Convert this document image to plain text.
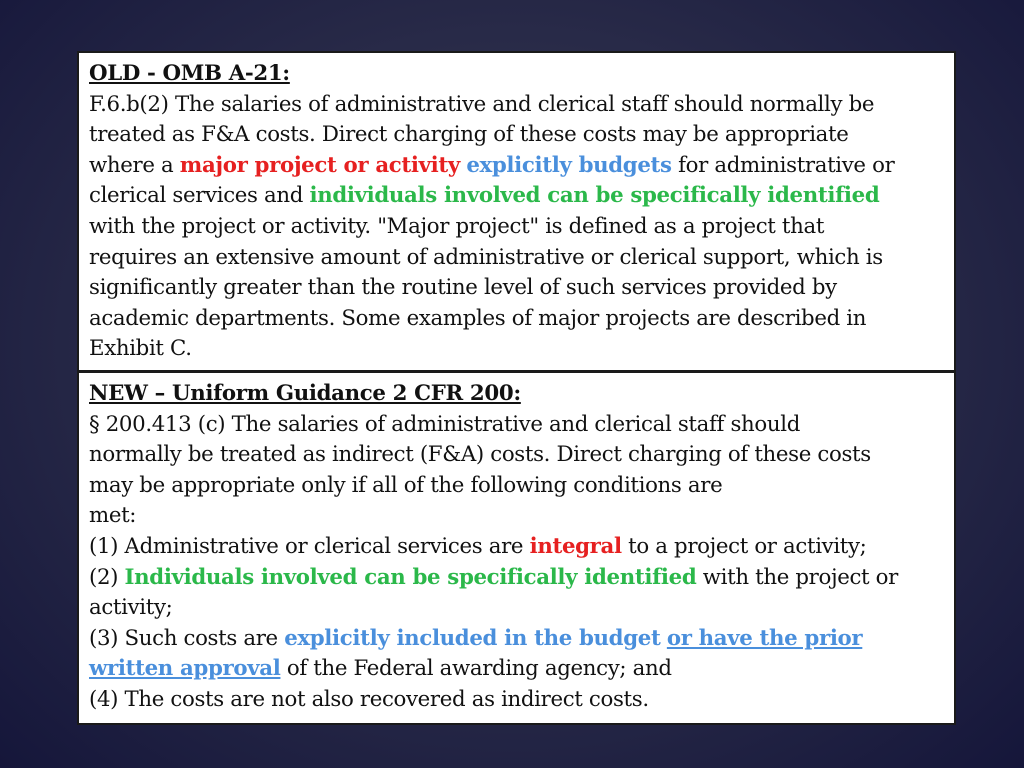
OLD - OMB A-21:
F.6.b(2) The salaries of administrative and clerical staff should normally be
treated as F&A costs. Direct charging of these costs may be appropriate
where a major project or activity explicitly budgets for administrative or
clerical services and individuals involved can be specifically identified
with the project or activity. "Major project" is defined as a project that
requires an extensive amount of administrative or clerical support, which is
significantly greater than the routine level of such services provided by
academic departments. Some examples of major projects are described in
Exhibit C.
NEW – Uniform Guidance 2 CFR 200:
§ 200.413 (c) The salaries of administrative and clerical staff should
normally be treated as indirect (F&A) costs. Direct charging of these costs
may be appropriate only if all of the following conditions are
met:
(1) Administrative or clerical services are integral to a project or activity;
(2) Individuals involved can be specifically identified with the project or
activity;
(3) Such costs are explicitly included in the budget or have the prior
written approval of the Federal awarding agency; and
(4) The costs are not also recovered as indirect costs.
